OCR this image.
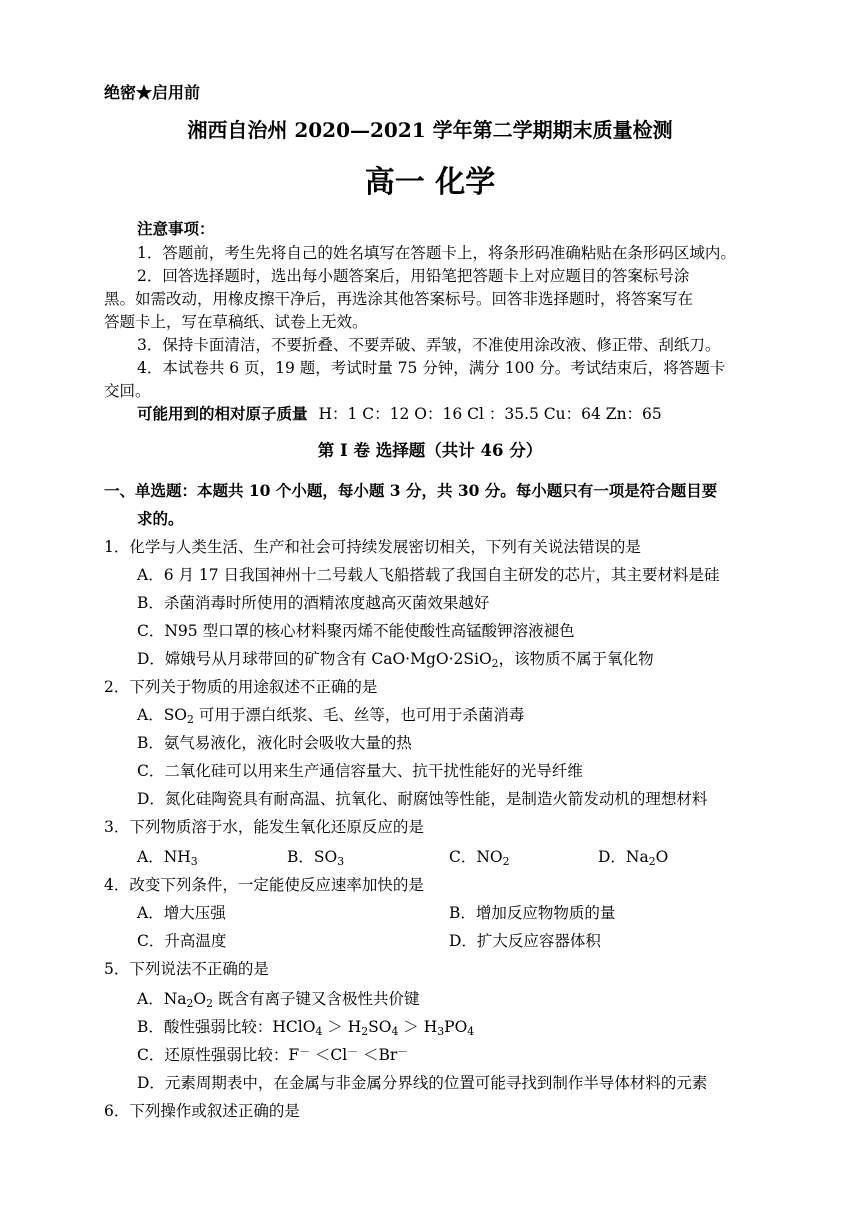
绝密★启用前
湘西自治州 2020—2021 学年第二学期期末质量检测
高一 化学
注意事项：
1．答题前，考生先将自己的姓名填写在答题卡上，将条形码准确粘贴在条形码区域内。
2．回答选择题时，选出每小题答案后，用铅笔把答题卡上对应题目的答案标号涂
黑。如需改动，用橡皮擦干净后，再选涂其他答案标号。回答非选择题时，将答案写在
答题卡上，写在草稿纸、试卷上无效。
3．保持卡面清洁，不要折叠、不要弄破、弄皱，不准使用涂改液、修正带、刮纸刀。
4．本试卷共 6 页，19 题，考试时量 75 分钟，满分 100 分。考试结束后，将答题卡
交回。
可能用到的相对原子质量 H：1 C：12 O：16 Cl ：35.5 Cu：64 Zn：65
第 I 卷 选择题（共计 46 分）
一、单选题：本题共 10 个小题，每小题 3 分，共 30 分。每小题只有一项是符合题目要
求的。
1．化学与人类生活、生产和社会可持续发展密切相关，下列有关说法错误的是
A．6 月 17 日我国神州十二号载人飞船搭载了我国自主研发的芯片，其主要材料是硅
B．杀菌消毒时所使用的酒精浓度越高灭菌效果越好
C．N95 型口罩的核心材料聚丙烯不能使酸性高锰酸钾溶液褪色
D．嫦娥号从月球带回的矿物含有 CaO·MgO·2SiO$_2$，该物质不属于氧化物
2．下列关于物质的用途叙述不正确的是
A．$SO_2$ 可用于漂白纸浆、毛、丝等，也可用于杀菌消毒
B．氨气易液化，液化时会吸收大量的热
C．二氧化硅可以用来生产通信容量大、抗干扰性能好的光导纤维
D．氮化硅陶瓷具有耐高温、抗氧化、耐腐蚀等性能，是制造火箭发动机的理想材料
3．下列物质溶于水，能发生氧化还原反应的是
A．$NH_3$	B．$SO_3$	C．$NO_2$	D．$Na_2O$
4．改变下列条件，一定能使反应速率加快的是
A．增大压强	B．增加反应物物质的量
C．升高温度	D．扩大反应容器体积
5．下列说法不正确的是
A．$Na_2O_2$ 既含有离子键又含极性共价键
B．酸性强弱比较：HClO$_4$ ＞ $H_2SO_4 > H_3PO_4$
C．还原性强弱比较：F－ ＜Cl－ ＜Br－
D．元素周期表中，在金属与非金属分界线的位置可能寻找到制作半导体材料的元素
6．下列操作或叙述正确的是
